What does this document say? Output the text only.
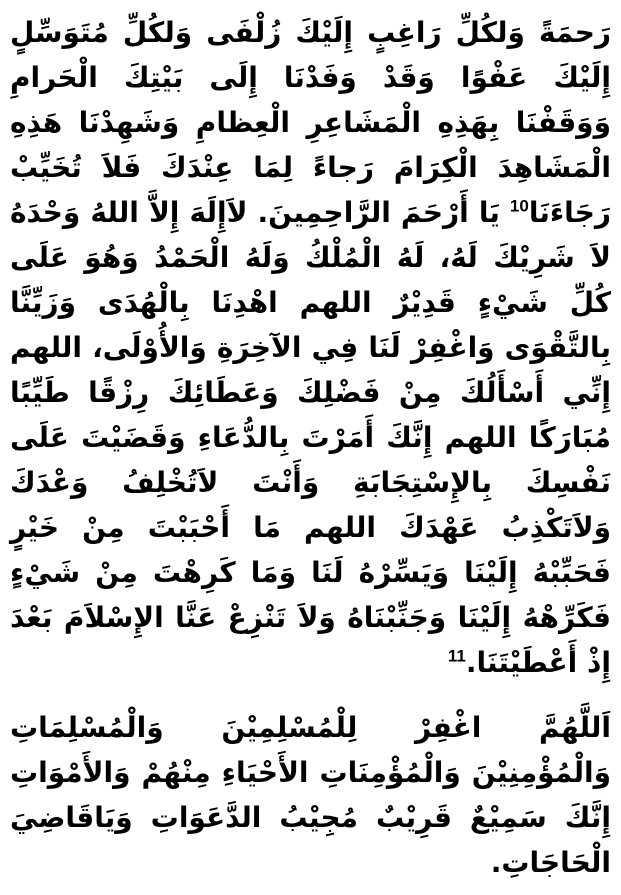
رَحمَةً وَلكُلِّ رَاغِبٍ إِلَيْكَ زُلْفَى وَلكُلِّ مُتَوَسِّلٍ إِلَيْكَ عَفْوًا وَقَدْ وَفَدْنَا إِلَى بَيْتِكَ الْحَرامِ وَوَقَفْنَا بِهَذِهِ الْمَشَاعِرِ الْعِظامِ وَشَهِدْنَا هَذِهِ الْمَشَاهِدَ الْكِرَامَ رَجاءً لِمَا عِنْدَكَ فَلاَ تُخَيِّبْ رَجَاءَنَا$^{10}$ يَا أَرْحَمَ الرَّاحِمِينَ. لاَإِلَهَ إِلاَّ اللهُ وَحْدَهُ لاَ شَرِيْكَ لَهُ، لَهُ الْمُلْكُ وَلَهُ الْحَمْدُ وَهُوَ عَلَى كُلِّ شَيْءٍ قَدِيْرٌ اللهم اهْدِنَا بِالْهُدَى وَزَيِّنَّا بِالتَّقْوَى وَاغْفِرْ لَنَا فِي الآخِرَةِ وَالأُوْلَى، اللهم إِنِّي أَسْأَلُكَ مِنْ فَضْلِكَ وَعَطَائِكَ رِزْقًا طَيِّبًا مُبَارَكًا اللهم إِنَّكَ أَمَرْتَ بِالدُّعَاءِ وَقَضَيْتَ عَلَى نَفْسِكَ بِالإِسْتِجَابَةِ وَأَنْتَ لاَتُخْلِفُ وَعْدَكَ وَلاَتَكْذِبُ عَهْدَكَ اللهم مَا أَحْبَبْتَ مِنْ خَيْرٍ فَحَبِّبْهُ إِلَيْنَا وَيَسِّرْهُ لَنَا وَمَا كَرِهْتَ مِنْ شَيْءٍ فَكَرِّهْهُ إِلَيْنَا وَجَنِّبْنَاهُ وَلاَ تَنْزِعْ عَنَّا الإِسْلاَمَ بَعْدَ إِذْ أَعْطَيْتَنَا.$^{11}$

اَللَّهُمَّ اغْفِرْ لِلْمُسْلِمِيْنَ وَالْمُسْلِمَاتِ وَالْمُؤْمِنِيْنَ وَالْمُؤْمِنَاتِ الأَحْيَاءِ مِنْهُمْ وَالأَمْوَاتِ إِنَّكَ سَمِيْعٌ قَرِيْبٌ مُجِيْبُ الدَّعَوَاتِ وَيَاقَاضِيَ الْحَاجَاتِ.
